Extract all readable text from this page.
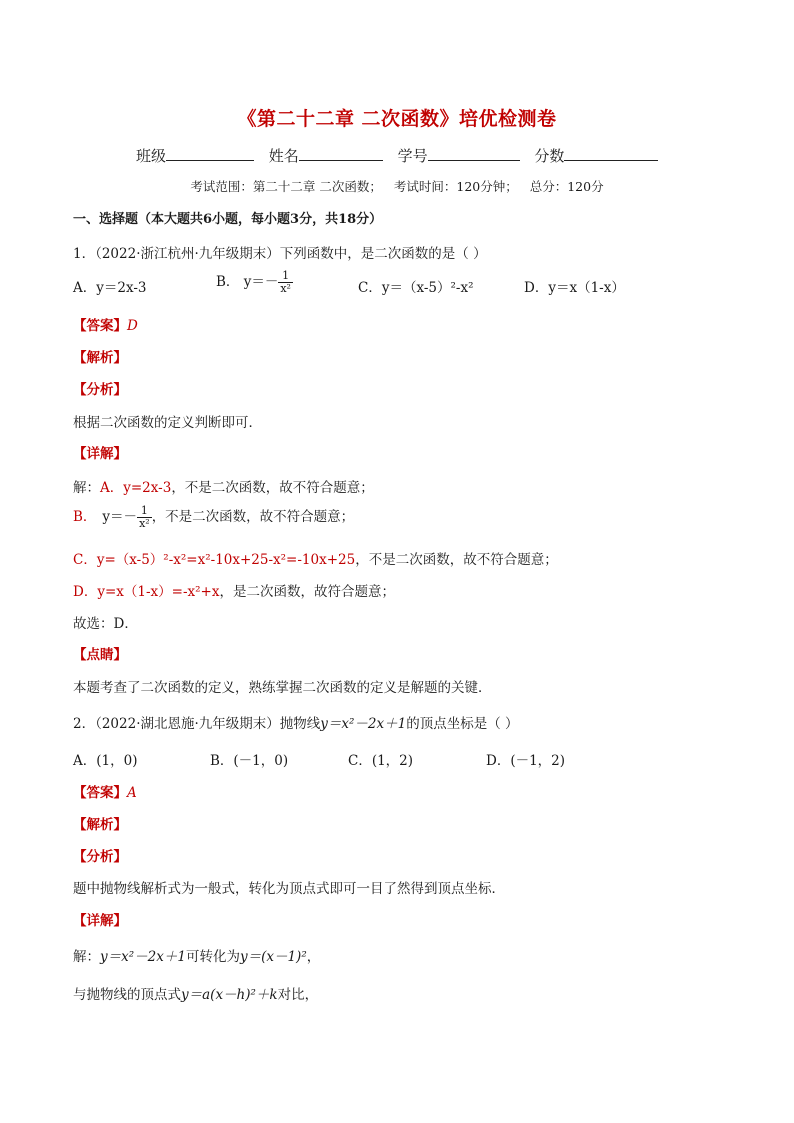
《第二十二章 二次函数》培优检测卷
班级	姓名	学号	分数
考试范围：第二十二章 二次函数； 考试时间：120分钟； 总分：120分
一、选择题（本大题共6小题，每小题3分，共18分）
1．（2022·浙江杭州·九年级期末）下列函数中，是二次函数的是（ ）
A．y＝2x-3	B． $y=- \frac{1}{\text{x²}}$	C．y＝（x-5）²-x²	D．y＝x（1-x）
【答案】D
【解析】
【分析】
根据二次函数的定义判断即可．
【详解】
解：A．y=2x-3，不是二次函数，故不符合题意；
B． $y=- \frac{1}{\text{x²}}$ ，不是二次函数，故不符合题意；
C．y=（x-5）²-x²=x²-10x+25-x²=-10x+25，不是二次函数，故不符合题意；
D．y=x（1-x）=-x²+x，是二次函数，故符合题意；
故选：D．
【点睛】
本题考查了二次函数的定义，熟练掌握二次函数的定义是解题的关键．
2．（2022·湖北恩施·九年级期末）抛物线y＝x²－2x＋1的顶点坐标是（ ）
A．(1，0)	B．(－1，0)	C．(1，2)	D．(－1，2)
【答案】A
【解析】
【分析】
题中抛物线解析式为一般式，转化为顶点式即可一目了然得到顶点坐标．
【详解】
解：y＝x²－2x＋1可转化为y＝(x－1)²，
与抛物线的顶点式y＝a(x－h)²＋k对比，
